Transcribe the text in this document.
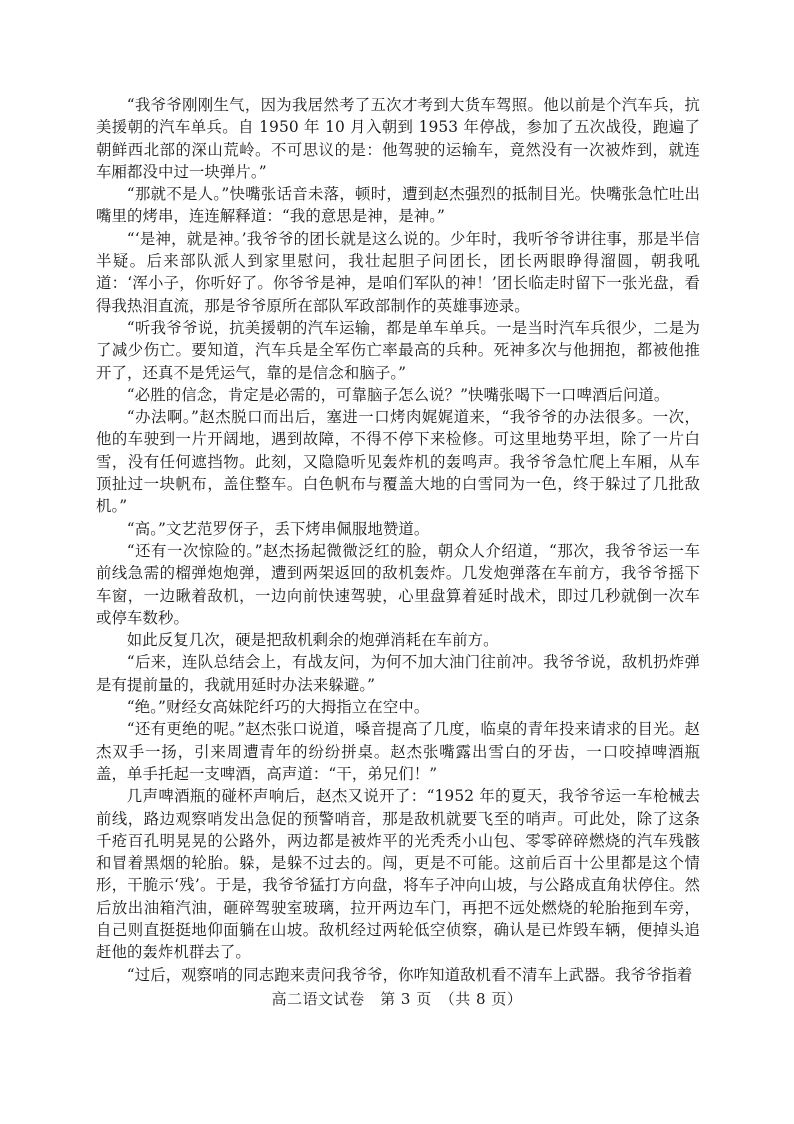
“我爷爷刚刚生气，因为我居然考了五次才考到大货车驾照。他以前是个汽车兵，抗美援朝的汽车单兵。自 1950 年 10 月入朝到 1953 年停战，参加了五次战役，跑遍了朝鲜西北部的深山荒岭。不可思议的是：他驾驶的运输车，竟然没有一次被炸到，就连车厢都没中过一块弹片。”

“那就不是人。”快嘴张话音未落，顿时，遭到赵杰强烈的抵制目光。快嘴张急忙吐出嘴里的烤串，连连解释道：“我的意思是神，是神。”

“‘是神，就是神。’我爷爷的团长就是这么说的。少年时，我听爷爷讲往事，那是半信半疑。后来部队派人到家里慰问，我壮起胆子问团长，团长两眼睁得溜圆，朝我吼道：‘浑小子，你听好了。你爷爷是神，是咱们军队的神！’团长临走时留下一张光盘，看得我热泪直流，那是爷爷原所在部队军政部制作的英雄事迹录。

“听我爷爷说，抗美援朝的汽车运输，都是单车单兵。一是当时汽车兵很少，二是为了减少伤亡。要知道，汽车兵是全军伤亡率最高的兵种。死神多次与他拥抱，都被他推开了，还真不是凭运气，靠的是信念和脑子。”

“必胜的信念，肯定是必需的，可靠脑子怎么说？”快嘴张喝下一口啤酒后问道。

“办法啊。”赵杰脱口而出后，塞进一口烤肉娓娓道来，“我爷爷的办法很多。一次，他的车驶到一片开阔地，遇到故障，不得不停下来检修。可这里地势平坦，除了一片白雪，没有任何遮挡物。此刻，又隐隐听见轰炸机的轰鸣声。我爷爷急忙爬上车厢，从车顶扯过一块帆布，盖住整车。白色帆布与覆盖大地的白雪同为一色，终于躲过了几批敌机。”

“高。”文艺范罗伢子，丢下烤串佩服地赞道。

“还有一次惊险的。”赵杰扬起微微泛红的脸，朝众人介绍道，“那次，我爷爷运一车前线急需的榴弹炮炮弹，遭到两架返回的敌机轰炸。几发炮弹落在车前方，我爷爷摇下车窗，一边瞅着敌机，一边向前快速驾驶，心里盘算着延时战术，即过几秒就倒一次车或停车数秒。

如此反复几次，硬是把敌机剩余的炮弹消耗在车前方。

“后来，连队总结会上，有战友问，为何不加大油门往前冲。我爷爷说，敌机扔炸弹是有提前量的，我就用延时办法来躲避。”

“绝。”财经女高妹陀纤巧的大拇指立在空中。

“还有更绝的呢。”赵杰张口说道，嗓音提高了几度，临桌的青年投来请求的目光。赵杰双手一扬，引来周遭青年的纷纷拼桌。赵杰张嘴露出雪白的牙齿，一口咬掉啤酒瓶盖，单手托起一支啤酒，高声道：“干，弟兄们！”

几声啤酒瓶的碰杯声响后，赵杰又说开了：“1952 年的夏天，我爷爷运一车枪械去前线，路边观察哨发出急促的预警哨音，那是敌机就要飞至的哨声。可此处，除了这条千疮百孔明晃晃的公路外，两边都是被炸平的光秃秃小山包、零零碎碎燃烧的汽车残骸和冒着黑烟的轮胎。躲，是躲不过去的。闯，更是不可能。这前后百十公里都是这个情形，干脆示‘残’。于是，我爷爷猛打方向盘，将车子冲向山坡，与公路成直角状停住。然后放出油箱汽油，砸碎驾驶室玻璃，拉开两边车门，再把不远处燃烧的轮胎拖到车旁，自己则直挺挺地仰面躺在山坡。敌机经过两轮低空侦察，确认是已炸毁车辆，便掉头追赶他的轰炸机群去了。

“过后，观察哨的同志跑来责问我爷爷，你咋知道敌机看不清车上武器。我爷爷指着

高二语文试卷　第 3 页　（共 8 页）
